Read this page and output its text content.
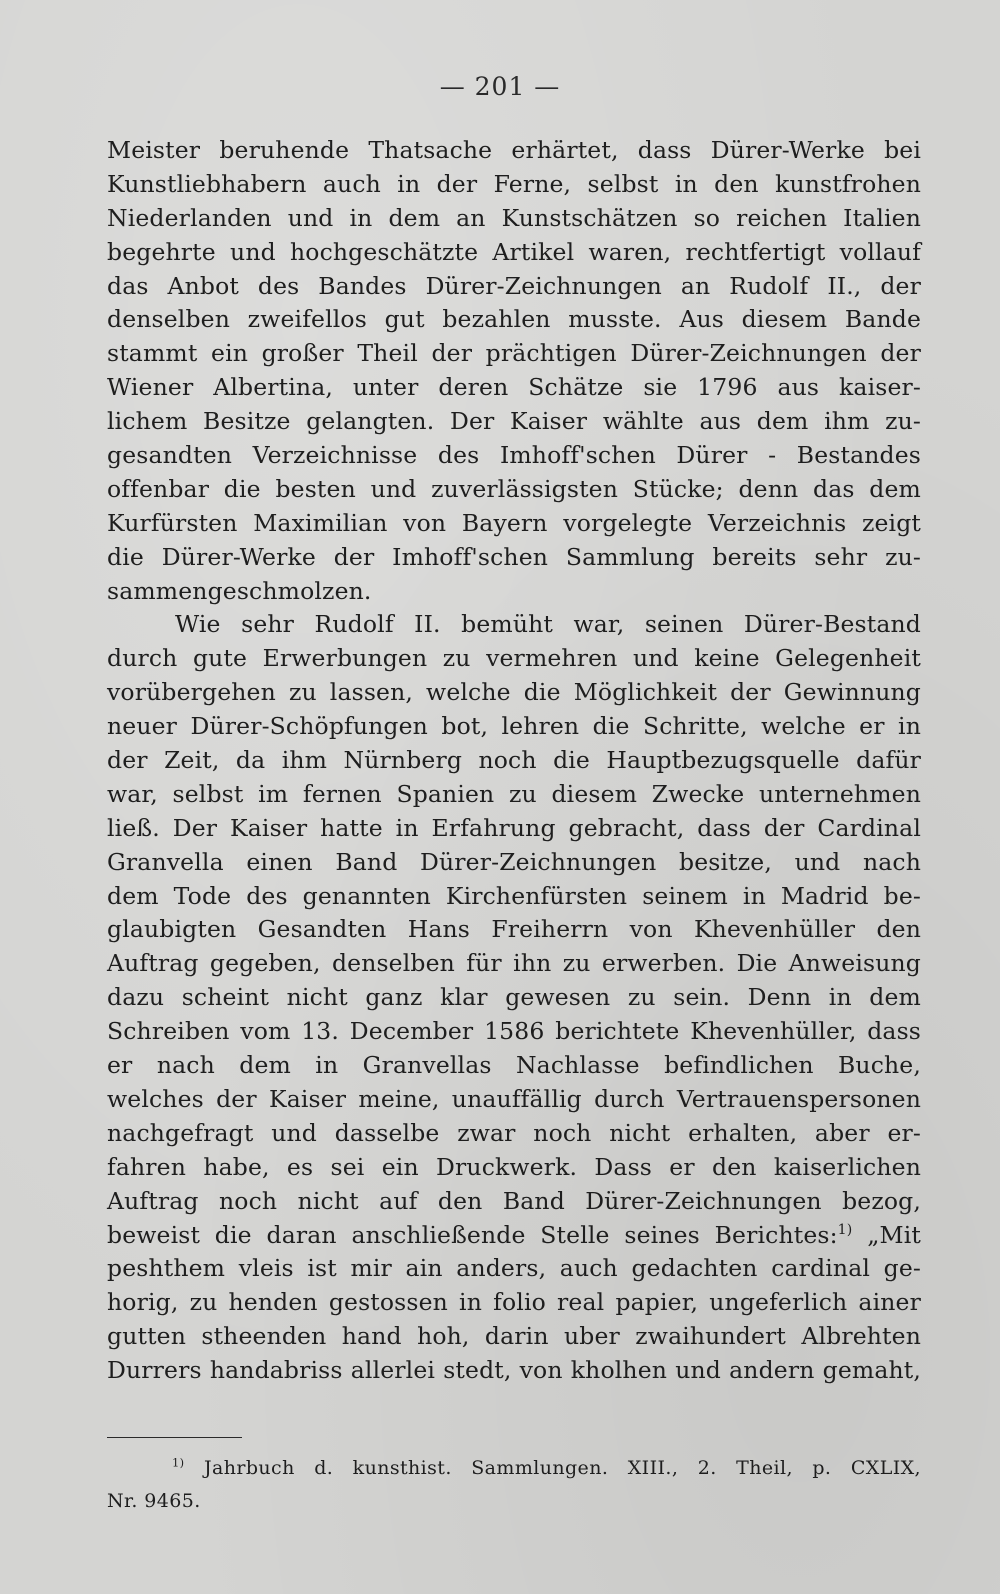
— 201 —
Meister beruhende Thatsache erhärtet, dass Dürer-Werke bei
Kunstliebhabern auch in der Ferne, selbst in den kunstfrohen
Niederlanden und in dem an Kunstschätzen so reichen Italien
begehrte und hochgeschätzte Artikel waren, rechtfertigt vollauf
das Anbot des Bandes Dürer-Zeichnungen an Rudolf II., der
denselben zweifellos gut bezahlen musste. Aus diesem Bande
stammt ein großer Theil der prächtigen Dürer-Zeichnungen der
Wiener Albertina, unter deren Schätze sie 1796 aus kaiser-
lichem Besitze gelangten. Der Kaiser wählte aus dem ihm zu-
gesandten Verzeichnisse des Imhoff'schen Dürer - Bestandes
offenbar die besten und zuverlässigsten Stücke; denn das dem
Kurfürsten Maximilian von Bayern vorgelegte Verzeichnis zeigt
die Dürer-Werke der Imhoff'schen Sammlung bereits sehr zu-
sammengeschmolzen.
Wie sehr Rudolf II. bemüht war, seinen Dürer-Bestand
durch gute Erwerbungen zu vermehren und keine Gelegenheit
vorübergehen zu lassen, welche die Möglichkeit der Gewinnung
neuer Dürer-Schöpfungen bot, lehren die Schritte, welche er in
der Zeit, da ihm Nürnberg noch die Hauptbezugsquelle dafür
war, selbst im fernen Spanien zu diesem Zwecke unternehmen
ließ. Der Kaiser hatte in Erfahrung gebracht, dass der Cardinal
Granvella einen Band Dürer-Zeichnungen besitze, und nach
dem Tode des genannten Kirchenfürsten seinem in Madrid be-
glaubigten Gesandten Hans Freiherrn von Khevenhüller den
Auftrag gegeben, denselben für ihn zu erwerben. Die Anweisung
dazu scheint nicht ganz klar gewesen zu sein. Denn in dem
Schreiben vom 13. December 1586 berichtete Khevenhüller, dass
er nach dem in Granvellas Nachlasse befindlichen Buche,
welches der Kaiser meine, unauffällig durch Vertrauenspersonen
nachgefragt und dasselbe zwar noch nicht erhalten, aber er-
fahren habe, es sei ein Druckwerk. Dass er den kaiserlichen
Auftrag noch nicht auf den Band Dürer-Zeichnungen bezog,
beweist die daran anschließende Stelle seines Berichtes:$^{1)}$ „Mit
peshthem vleis ist mir ain anders, auch gedachten cardinal ge-
horig, zu henden gestossen in folio real papier, ungeferlich ainer
gutten stheenden hand hoh, darin uber zwaihundert Albrehten
Durrers handabriss allerlei stedt, von kholhen und andern gemaht,
$^{1)}$ Jahrbuch d. kunsthist. Sammlungen. XIII., 2. Theil, p. CXLIX,
Nr. 9465.
